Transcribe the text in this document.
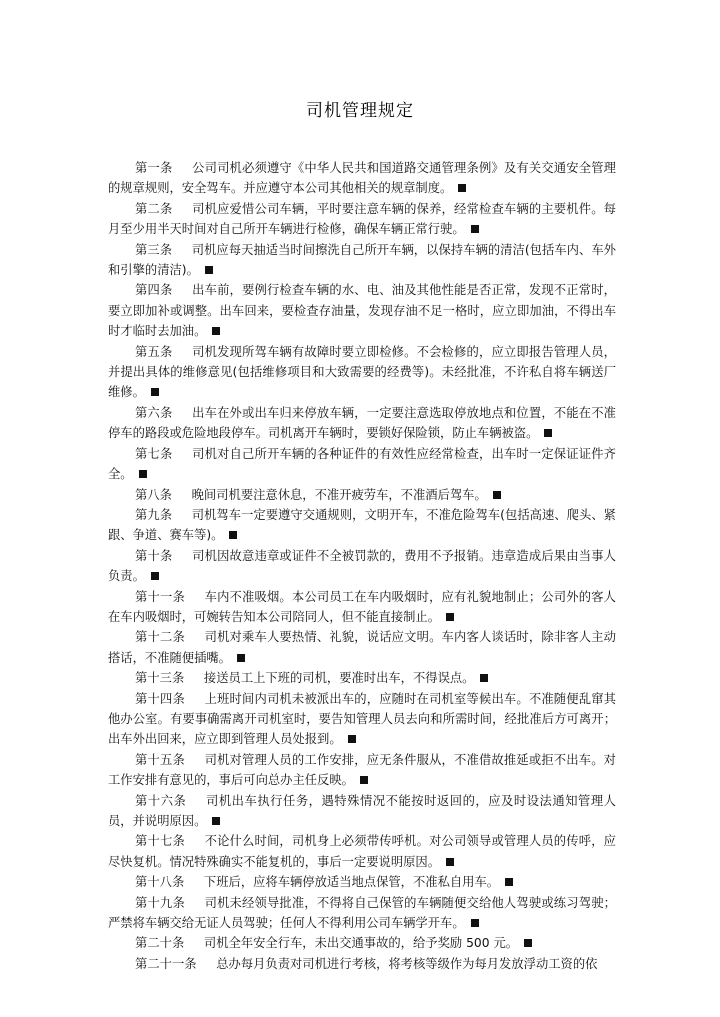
司机管理规定

第一条 公司司机必须遵守《中华人民共和国道路交通管理条例》及有关交通安全管理的规章规则，安全驾车。并应遵守本公司其他相关的规章制度。

第二条 司机应爱惜公司车辆，平时要注意车辆的保养，经常检查车辆的主要机件。每月至少用半天时间对自己所开车辆进行检修，确保车辆正常行驶。

第三条 司机应每天抽适当时间擦洗自己所开车辆，以保持车辆的清洁(包括车内、车外和引擎的清洁)。

第四条 出车前，要例行检查车辆的水、电、油及其他性能是否正常，发现不正常时，要立即加补或调整。出车回来，要检查存油量，发现存油不足一格时，应立即加油，不得出车时才临时去加油。

第五条 司机发现所驾车辆有故障时要立即检修。不会检修的，应立即报告管理人员，并提出具体的维修意见(包括维修项目和大致需要的经费等)。未经批准，不许私自将车辆送厂维修。

第六条 出车在外或出车归来停放车辆，一定要注意选取停放地点和位置，不能在不准停车的路段或危险地段停车。司机离开车辆时，要锁好保险锁，防止车辆被盗。

第七条 司机对自己所开车辆的各种证件的有效性应经常检查，出车时一定保证证件齐全。

第八条 晚间司机要注意休息，不准开疲劳车，不准酒后驾车。

第九条 司机驾车一定要遵守交通规则，文明开车，不准危险驾车(包括高速、爬头、紧跟、争道、赛车等)。

第十条 司机因故意违章或证件不全被罚款的，费用不予报销。违章造成后果由当事人负责。

第十一条 车内不准吸烟。本公司员工在车内吸烟时，应有礼貌地制止；公司外的客人在车内吸烟时，可婉转告知本公司陪同人，但不能直接制止。

第十二条 司机对乘车人要热情、礼貌，说话应文明。车内客人谈话时，除非客人主动搭话，不准随便插嘴。

第十三条 接送员工上下班的司机，要准时出车，不得误点。

第十四条 上班时间内司机未被派出车的，应随时在司机室等候出车。不准随便乱窜其他办公室。有要事确需离开司机室时，要告知管理人员去向和所需时间，经批准后方可离开；出车外出回来，应立即到管理人员处报到。

第十五条 司机对管理人员的工作安排，应无条件服从，不准借故推延或拒不出车。对工作安排有意见的，事后可向总办主任反映。

第十六条 司机出车执行任务，遇特殊情况不能按时返回的，应及时设法通知管理人员，并说明原因。

第十七条 不论什么时间，司机身上必须带传呼机。对公司领导或管理人员的传呼，应尽快复机。情况特殊确实不能复机的，事后一定要说明原因。

第十八条 下班后，应将车辆停放适当地点保管，不准私自用车。

第十九条 司机未经领导批准，不得将自己保管的车辆随便交给他人驾驶或练习驾驶；严禁将车辆交给无证人员驾驶；任何人不得利用公司车辆学开车。

第二十条 司机全年安全行车，未出交通事故的，给予奖励 500 元。

第二十一条 总办每月负责对司机进行考核，将考核等级作为每月发放浮动工资的依
